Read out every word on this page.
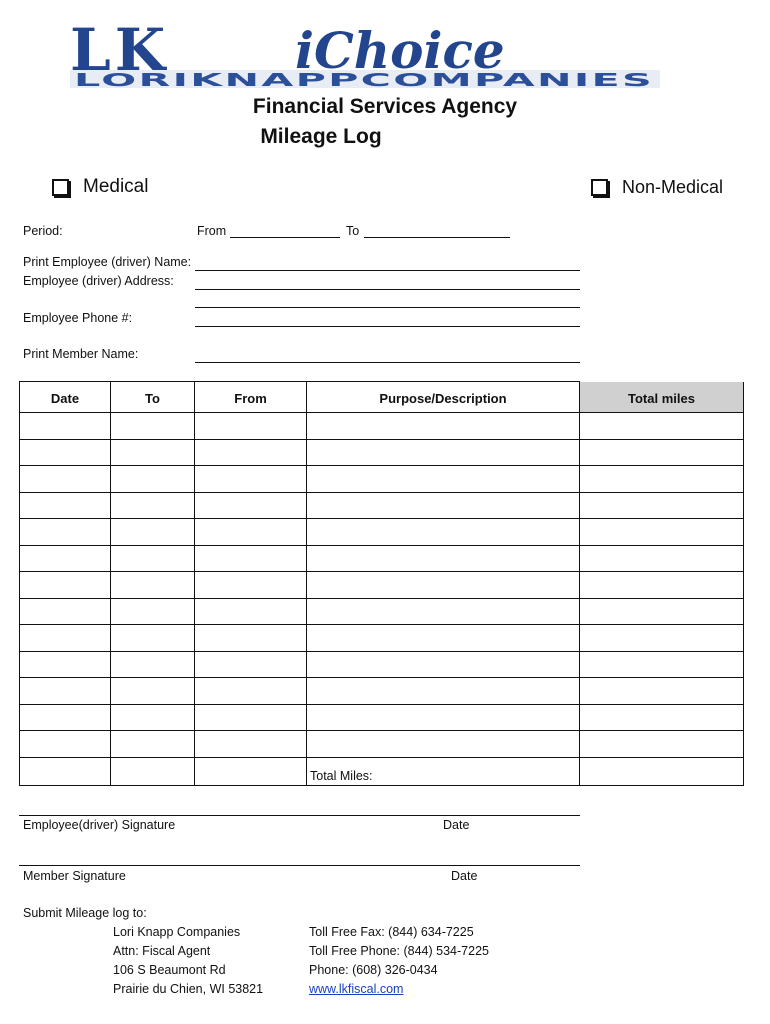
LK	iChoice
LORIKNAPPCOMPANIES
Financial Services Agency
Mileage Log
Medical	Non-Medical
Period:	From	To
Print Employee (driver) Name:
Employee (driver) Address:
Employee Phone #:
Print Member Name:
Date	To	From	Purpose/Description	Total miles

			Total Miles:	
Employee(driver) Signature	Date
Member Signature	Date
Submit Mileage log to:
Lori Knapp Companies
Attn: Fiscal Agent
106 S Beaumont Rd
Prairie du Chien, WI 53821
Toll Free Fax: (844) 634-7225
Toll Free Phone: (844) 534-7225
Phone: (608) 326-0434
www.lkfiscal.com
